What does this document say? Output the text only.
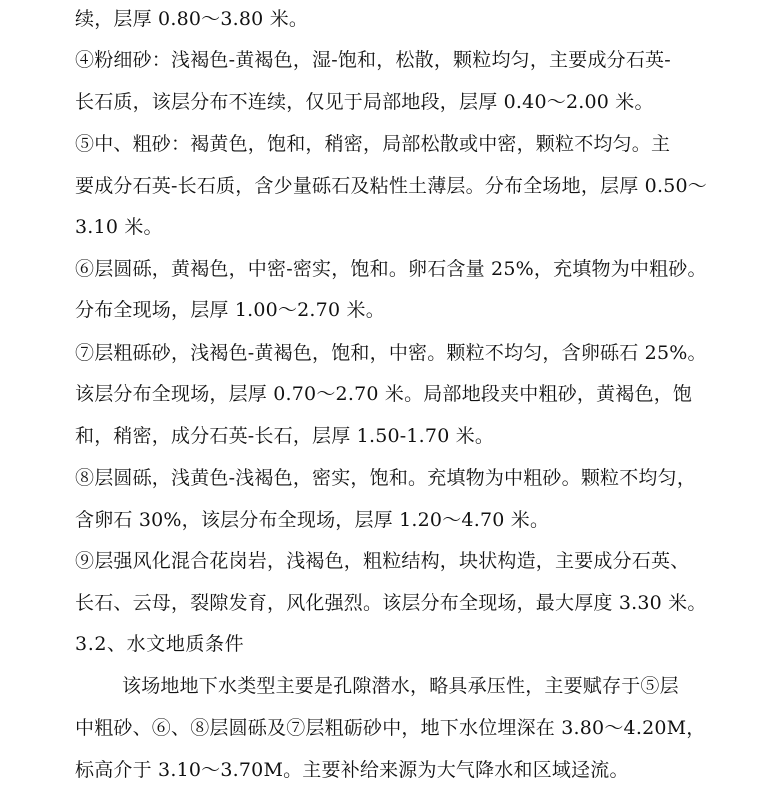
续，层厚 0.80～3.80 米。
④粉细砂：浅褐色-黄褐色，湿-饱和，松散，颗粒均匀，主要成分石英-
长石质，该层分布不连续，仅见于局部地段，层厚 0.40～2.00 米。
⑤中、粗砂：褐黄色，饱和，稍密，局部松散或中密，颗粒不均匀。主
要成分石英-长石质，含少量砾石及粘性土薄层。分布全场地，层厚 0.50～
3.10 米。
⑥层圆砾，黄褐色，中密-密实，饱和。卵石含量 25%，充填物为中粗砂。
分布全现场，层厚 1.00～2.70 米。
⑦层粗砾砂，浅褐色-黄褐色，饱和，中密。颗粒不均匀，含卵砾石 25%。
该层分布全现场，层厚 0.70～2.70 米。局部地段夹中粗砂，黄褐色，饱
和，稍密，成分石英-长石，层厚 1.50-1.70 米。
⑧层圆砾，浅黄色-浅褐色，密实，饱和。充填物为中粗砂。颗粒不均匀，
含卵石 30%，该层分布全现场，层厚 1.20～4.70 米。
⑨层强风化混合花岗岩，浅褐色，粗粒结构，块状构造，主要成分石英、
长石、云母，裂隙发育，风化强烈。该层分布全现场，最大厚度 3.30 米。
3.2、水文地质条件
该场地地下水类型主要是孔隙潜水，略具承压性，主要赋存于⑤层
中粗砂、⑥、⑧层圆砾及⑦层粗砺砂中，地下水位埋深在 3.80～4.20M，
标高介于 3.10～3.70M。主要补给来源为大气降水和区域迳流。
